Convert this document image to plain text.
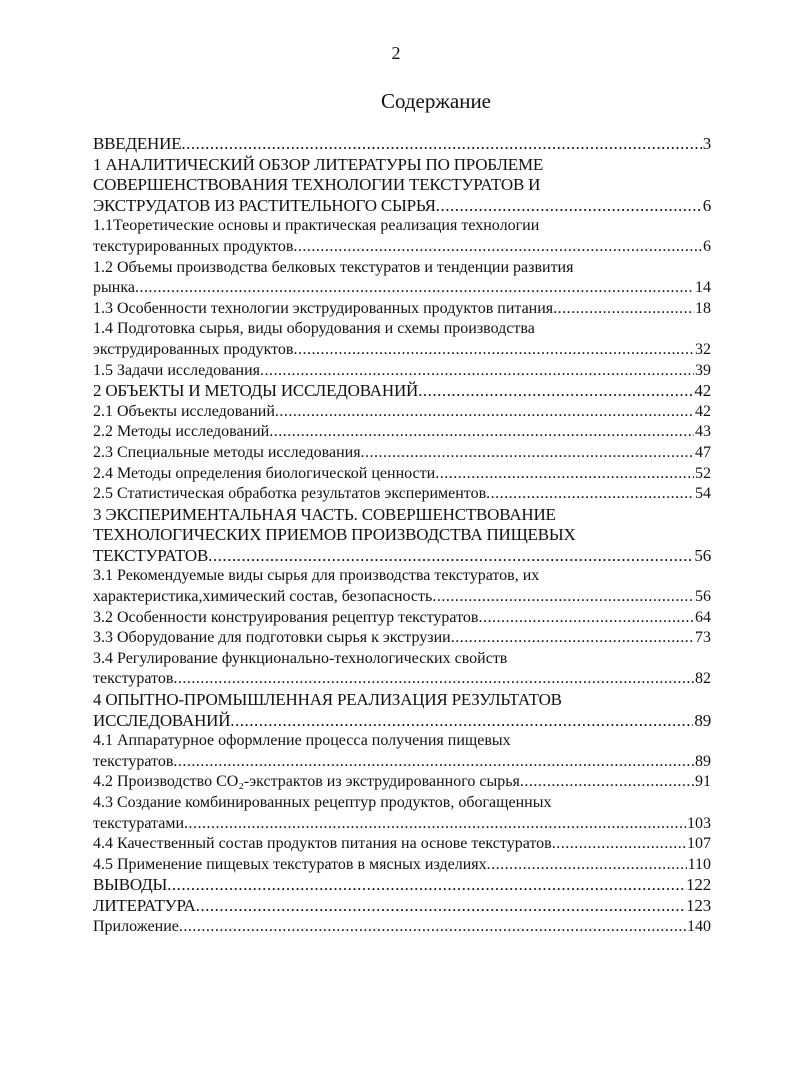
2
Содержание
ВВЕДЕНИЕ .....	3
1 АНАЛИТИЧЕСКИЙ ОБЗОР ЛИТЕРАТУРЫ ПО ПРОБЛЕМЕ
СОВЕРШЕНСТВОВАНИЯ ТЕХНОЛОГИИ ТЕКСТУРАТОВ И
ЭКСТРУДАТОВ ИЗ РАСТИТЕЛЬНОГО СЫРЬЯ .....	6
1.1Теоретические основы и практическая реализация технологии
текстурированных продуктов .....	6
1.2 Объемы производства белковых текстуратов и тенденции развития
рынка .....	14
1.3 Особенности технологии экструдированных продуктов питания .....	18
1.4 Подготовка сырья, виды оборудования и схемы производства
экструдированных продуктов .....	32
1.5 Задачи исследования .....	39
2 ОБЪЕКТЫ И МЕТОДЫ ИССЛЕДОВАНИЙ .....	42
2.1 Объекты исследований .....	42
2.2 Методы исследований .....	43
2.3 Специальные методы исследования .....	47
2.4 Методы определения биологической ценности .....	52
2.5 Статистическая обработка результатов экспериментов .....	54
3 ЭКСПЕРИМЕНТАЛЬНАЯ ЧАСТЬ. СОВЕРШЕНСТВОВАНИЕ
ТЕХНОЛОГИЧЕСКИХ ПРИЕМОВ ПРОИЗВОДСТВА ПИЩЕВЫХ
ТЕКСТУРАТОВ .....	56
3.1 Рекомендуемые виды сырья для производства текстуратов, их
характеристика,химический состав, безопасность .....	56
3.2 Особенности конструирования рецептур текстуратов .....	64
3.3 Оборудование для подготовки сырья к экструзии .....	73
3.4 Регулирование функционально-технологических свойств
текстуратов .....	82
4 ОПЫТНО-ПРОМЫШЛЕННАЯ РЕАЛИЗАЦИЯ РЕЗУЛЬТАТОВ
ИССЛЕДОВАНИЙ .....	89
4.1 Аппаратурное оформление процесса получения пищевых
текстуратов .....	89
4.2 Производство CO₂-экстрактов из экструдированного сырья .....	91
4.3 Создание комбинированных рецептур продуктов, обогащенных
текстуратами .....	103
4.4 Качественный состав продуктов питания на основе текстуратов .....	107
4.5 Применение пищевых текстуратов в мясных изделиях .....	110
ВЫВОДЫ .....	122
ЛИТЕРАТУРА .....	123
Приложение .....	140
